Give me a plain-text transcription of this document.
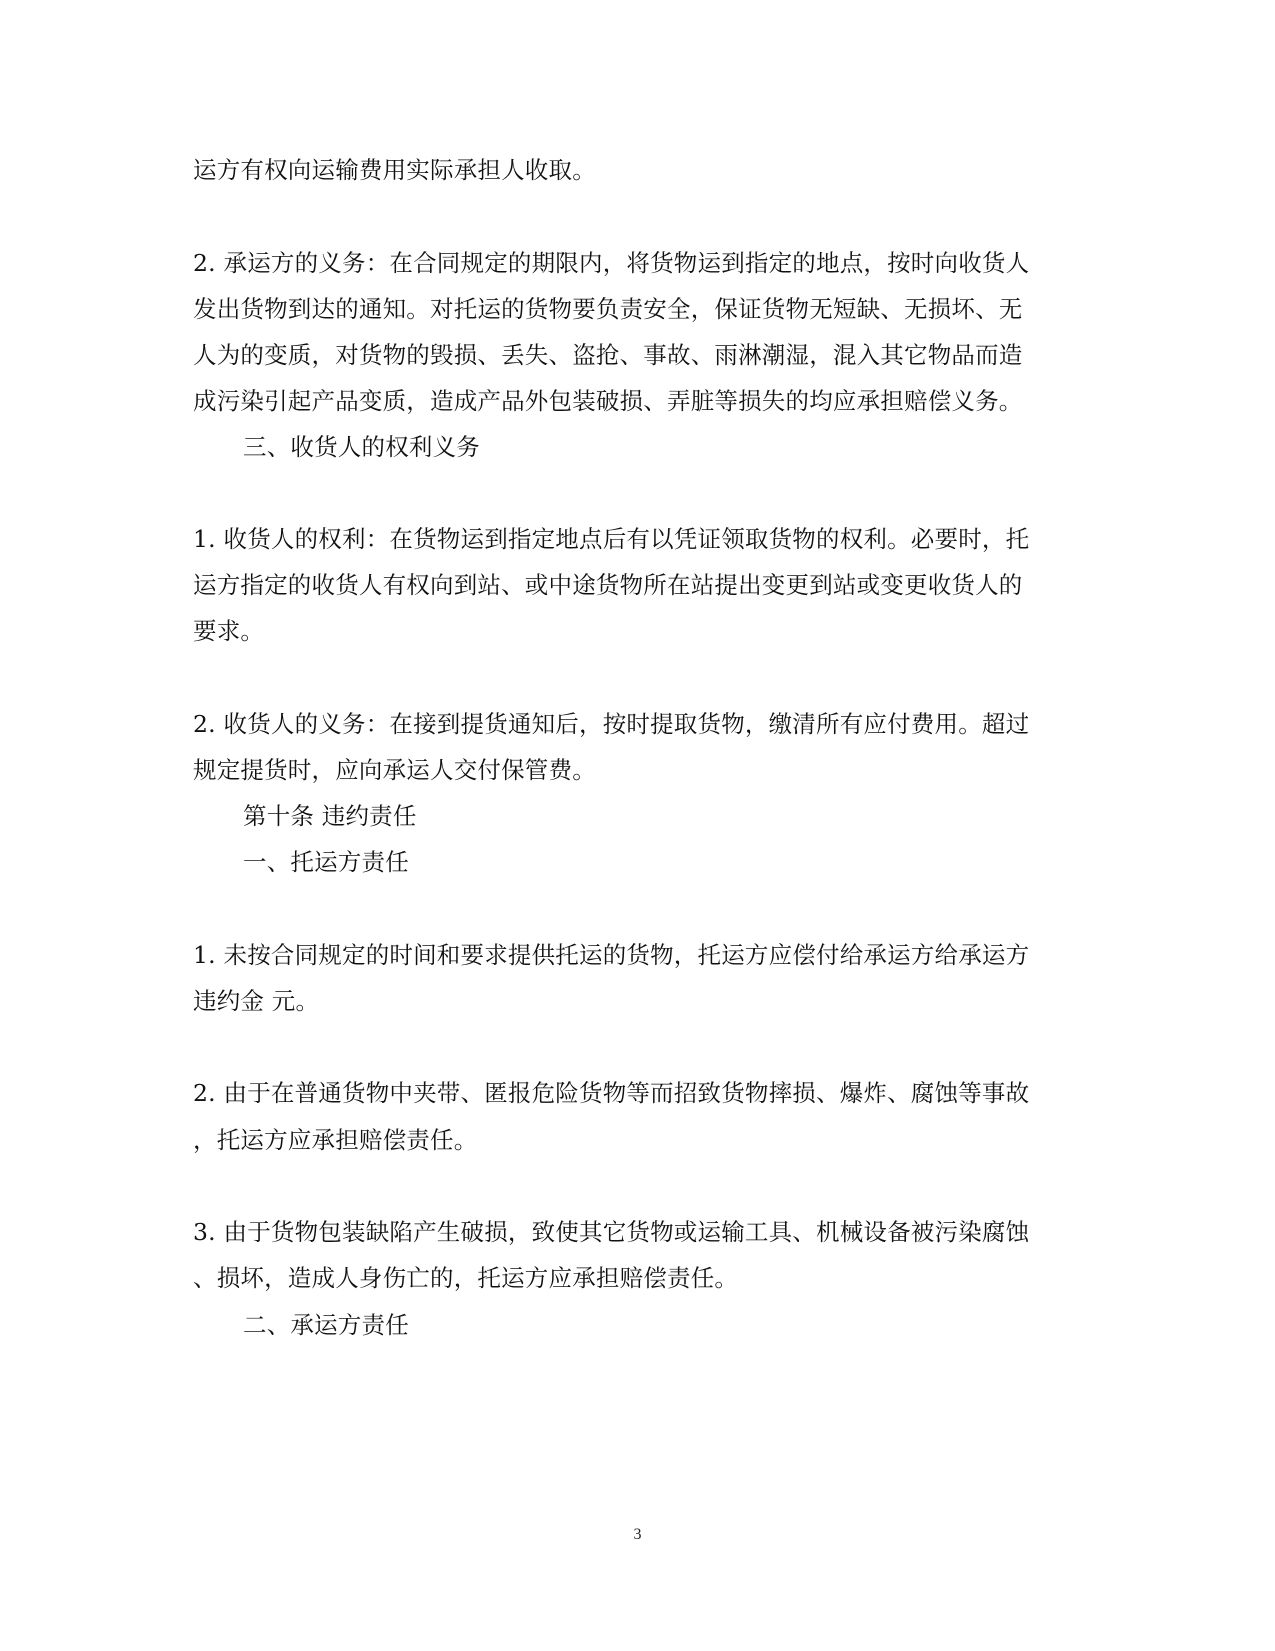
运方有权向运输费用实际承担人收取。
2. 承运方的义务：在合同规定的期限内，将货物运到指定的地点，按时向收货人
发出货物到达的通知。对托运的货物要负责安全，保证货物无短缺、无损坏、无
人为的变质，对货物的毁损、丢失、盗抢、事故、雨淋潮湿，混入其它物品而造
成污染引起产品变质，造成产品外包装破损、弄脏等损失的均应承担赔偿义务。
三、收货人的权利义务
1. 收货人的权利：在货物运到指定地点后有以凭证领取货物的权利。必要时，托
运方指定的收货人有权向到站、或中途货物所在站提出变更到站或变更收货人的
要求。
2. 收货人的义务：在接到提货通知后，按时提取货物，缴清所有应付费用。超过
规定提货时，应向承运人交付保管费。
第十条 违约责任
一、托运方责任
1. 未按合同规定的时间和要求提供托运的货物，托运方应偿付给承运方给承运方
违约金 元。
2. 由于在普通货物中夹带、匿报危险货物等而招致货物摔损、爆炸、腐蚀等事故
，托运方应承担赔偿责任。
3. 由于货物包装缺陷产生破损，致使其它货物或运输工具、机械设备被污染腐蚀
、损坏，造成人身伤亡的，托运方应承担赔偿责任。
二、承运方责任
3
